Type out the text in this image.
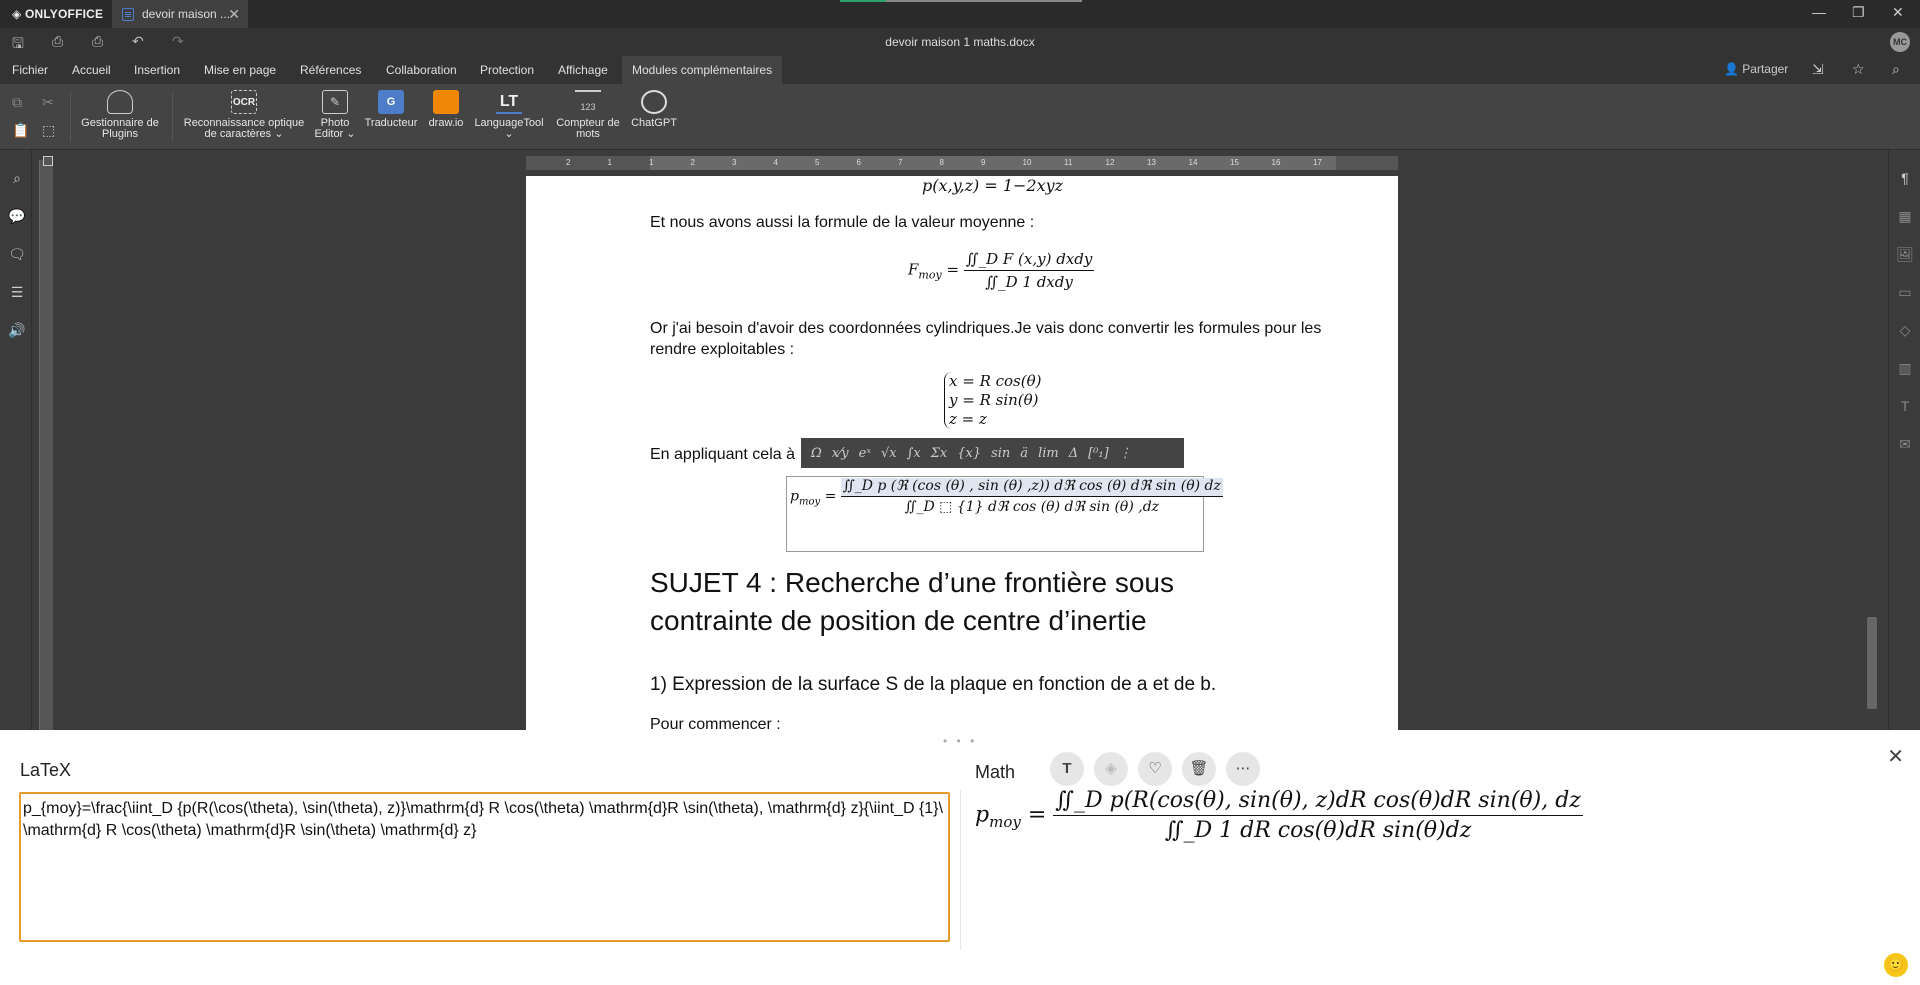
◈ ONLYOFFICE	devoir maison ...
✕	— ❐ ✕
🖫 ⎙ ⎙ ↶ ↷	devoir maison 1 maths.docx	MC
Fichier	Accueil	Insertion	Mise en page	Références	Collaboration	Protection	Affichage	Modules complémentaires	👤 Partager ⇲ ☆ ⌕
⧉ ✂
📋 ⬚ Gestionnaire de
Plugins
OCR
Reconnaissance optique
de caractères ⌄
✎
Photo
Editor ⌄
G
Traducteur	draw.io
LT
LanguageTool
⌄
123
Compteur de
mots
ChatGPT
⌕
💬
🗨
☰
🔊
2	1	1	2	3	4	5	6	7	8	9	10	11	12	13	14	15	16	17
p(x,y,z) = 1−2xyz
Et nous avons aussi la formule de la valeur moyenne :
$F_{moy} = \frac{\text{∬\_D F (x,y) dxdy}}{\text{∬\_D 1 dxdy}}$
Or j'ai besoin d'avoir des coordonnées cylindriques.Je vais donc convertir les formules pour les rendre exploitables :
x = R cos(θ)
y = R sin(θ)
z = z
En appliquant cela à Ω x⁄y eˣ √x ∫x Σx {x} sin ä lim Δ [⁰₁] ⋮
$p_{moy} = \frac{\text{∬\_D p (ℜ (cos (θ) , sin (θ) ,z)) dℜ cos (θ) dℜ sin (θ) dz}}{\text{∬\_D ⬚ \{1\} dℜ cos (θ) dℜ sin (θ) ,dz}}$
SUJET 4 : Recherche d’une frontière sous contrainte de position de centre d’inertie
1) Expression de la surface S de la plaque en fonction de a et de b.
Pour commencer :
¶
▦
🖼
▭
◇
▥
T
✉
• • •
LaTeX
p_{moy}=\frac{\iint_D {p(R(\cos(\theta), \sin(\theta), z)}\mathrm{d} R \cos(\theta) \mathrm{d}R \sin(\theta), \mathrm{d} z}{\iint_D {1}\ \mathrm{d} R \cos(\theta) \mathrm{d}R \sin(\theta) \mathrm{d} z}	Math	T	◈	♡	🗑	⋯
✕
$p_{moy} = \frac{\text{∬\_D p(R(cos(θ), sin(θ), z)dR cos(θ)dR sin(θ), dz}}{\text{∬\_D 1 dR cos(θ)dR sin(θ)dz}}$
🙂
